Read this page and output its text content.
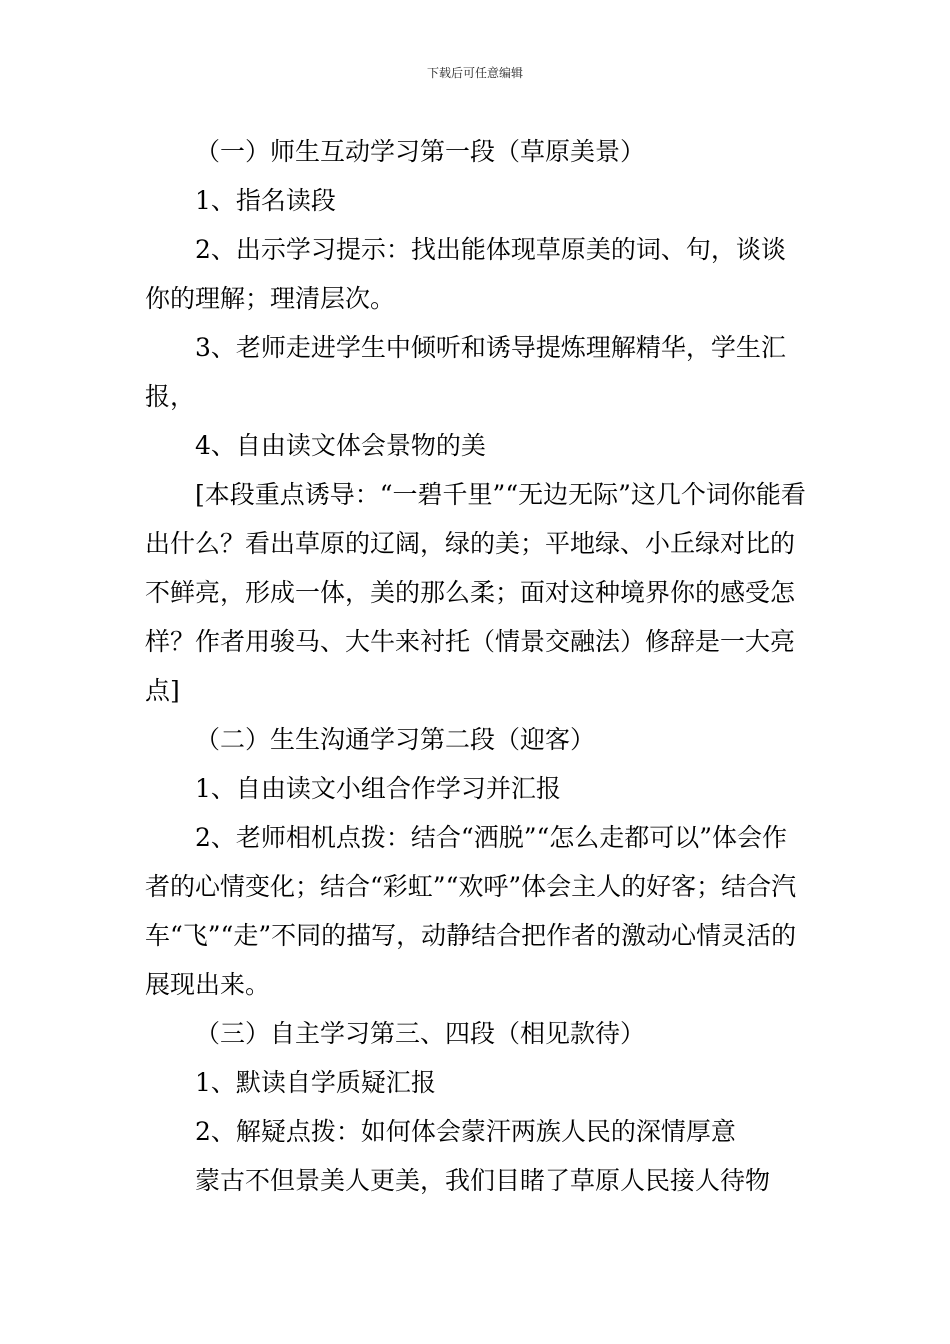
下载后可任意编辑

（一）师生互动学习第一段（草原美景）

1、指名读段

2、出示学习提示：找出能体现草原美的词、句，谈谈你的理解；理清层次。

3、老师走进学生中倾听和诱导提炼理解精华，学生汇报，

4、自由读文体会景物的美

[本段重点诱导：“一碧千里”“无边无际”这几个词你能看出什么？看出草原的辽阔，绿的美；平地绿、小丘绿对比的不鲜亮，形成一体，美的那么柔；面对这种境界你的感受怎样？作者用骏马、大牛来衬托（情景交融法）修辞是一大亮点]

（二）生生沟通学习第二段（迎客）

1、自由读文小组合作学习并汇报

2、老师相机点拨：结合“洒脱”“怎么走都可以”体会作者的心情变化；结合“彩虹”“欢呼”体会主人的好客；结合汽车“飞”“走”不同的描写，动静结合把作者的激动心情灵活的展现出来。

（三）自主学习第三、四段（相见款待）

1、默读自学质疑汇报

2、解疑点拨：如何体会蒙汗两族人民的深情厚意

蒙古不但景美人更美，我们目睹了草原人民接人待物
